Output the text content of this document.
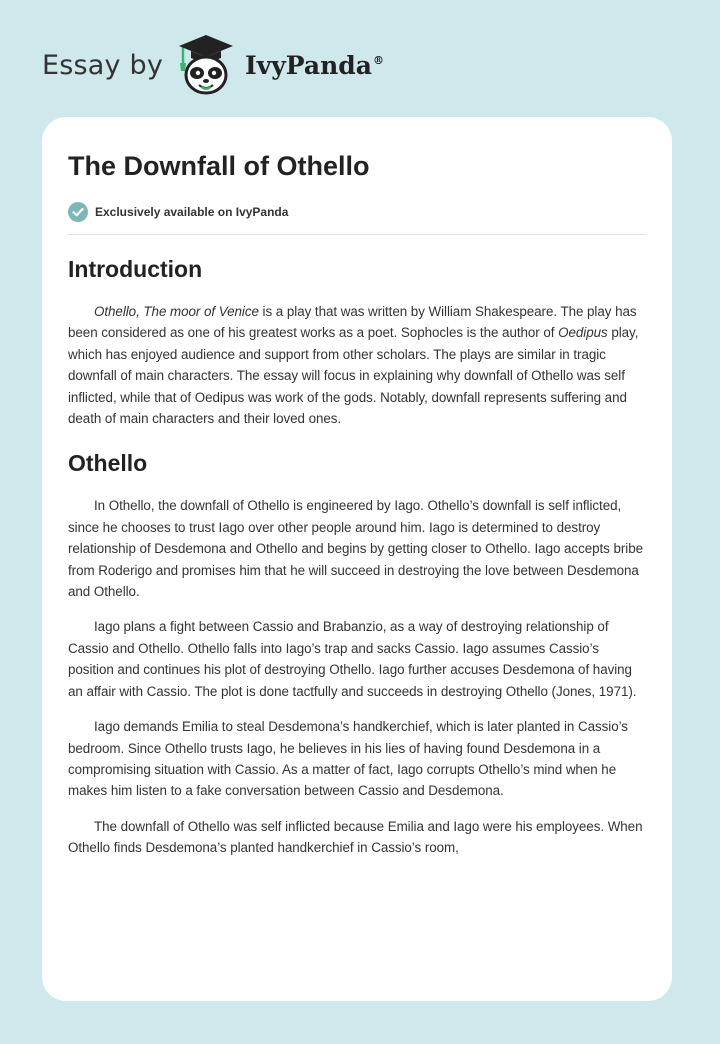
Essay by	IvyPanda®
The Downfall of Othello
Exclusively available on IvyPanda
Introduction

Othello, The moor of Venice is a play that was written by William Shakespeare. The play has been considered as one of his greatest works as a poet. Sophocles is the author of Oedipus play, which has enjoyed audience and support from other scholars. The plays are similar in tragic downfall of main characters. The essay will focus in explaining why downfall of Othello was self inflicted, while that of Oedipus was work of the gods. Notably, downfall represents suffering and death of main characters and their loved ones.

Othello

In Othello, the downfall of Othello is engineered by Iago. Othello’s downfall is self inflicted, since he chooses to trust Iago over other people around him. Iago is determined to destroy relationship of Desdemona and Othello and begins by getting closer to Othello. Iago accepts bribe from Roderigo and promises him that he will succeed in destroying the love between Desdemona and Othello.

Iago plans a fight between Cassio and Brabanzio, as a way of destroying relationship of Cassio and Othello. Othello falls into Iago’s trap and sacks Cassio. Iago assumes Cassio’s position and continues his plot of destroying Othello. Iago further accuses Desdemona of having an affair with Cassio. The plot is done tactfully and succeeds in destroying Othello (Jones, 1971).

Iago demands Emilia to steal Desdemona’s handkerchief, which is later planted in Cassio’s bedroom. Since Othello trusts Iago, he believes in his lies of having found Desdemona in a compromising situation with Cassio. As a matter of fact, Iago corrupts Othello’s mind when he makes him listen to a fake conversation between Cassio and Desdemona.

The downfall of Othello was self inflicted because Emilia and Iago were his employees. When Othello finds Desdemona’s planted handkerchief in Cassio’s room,
